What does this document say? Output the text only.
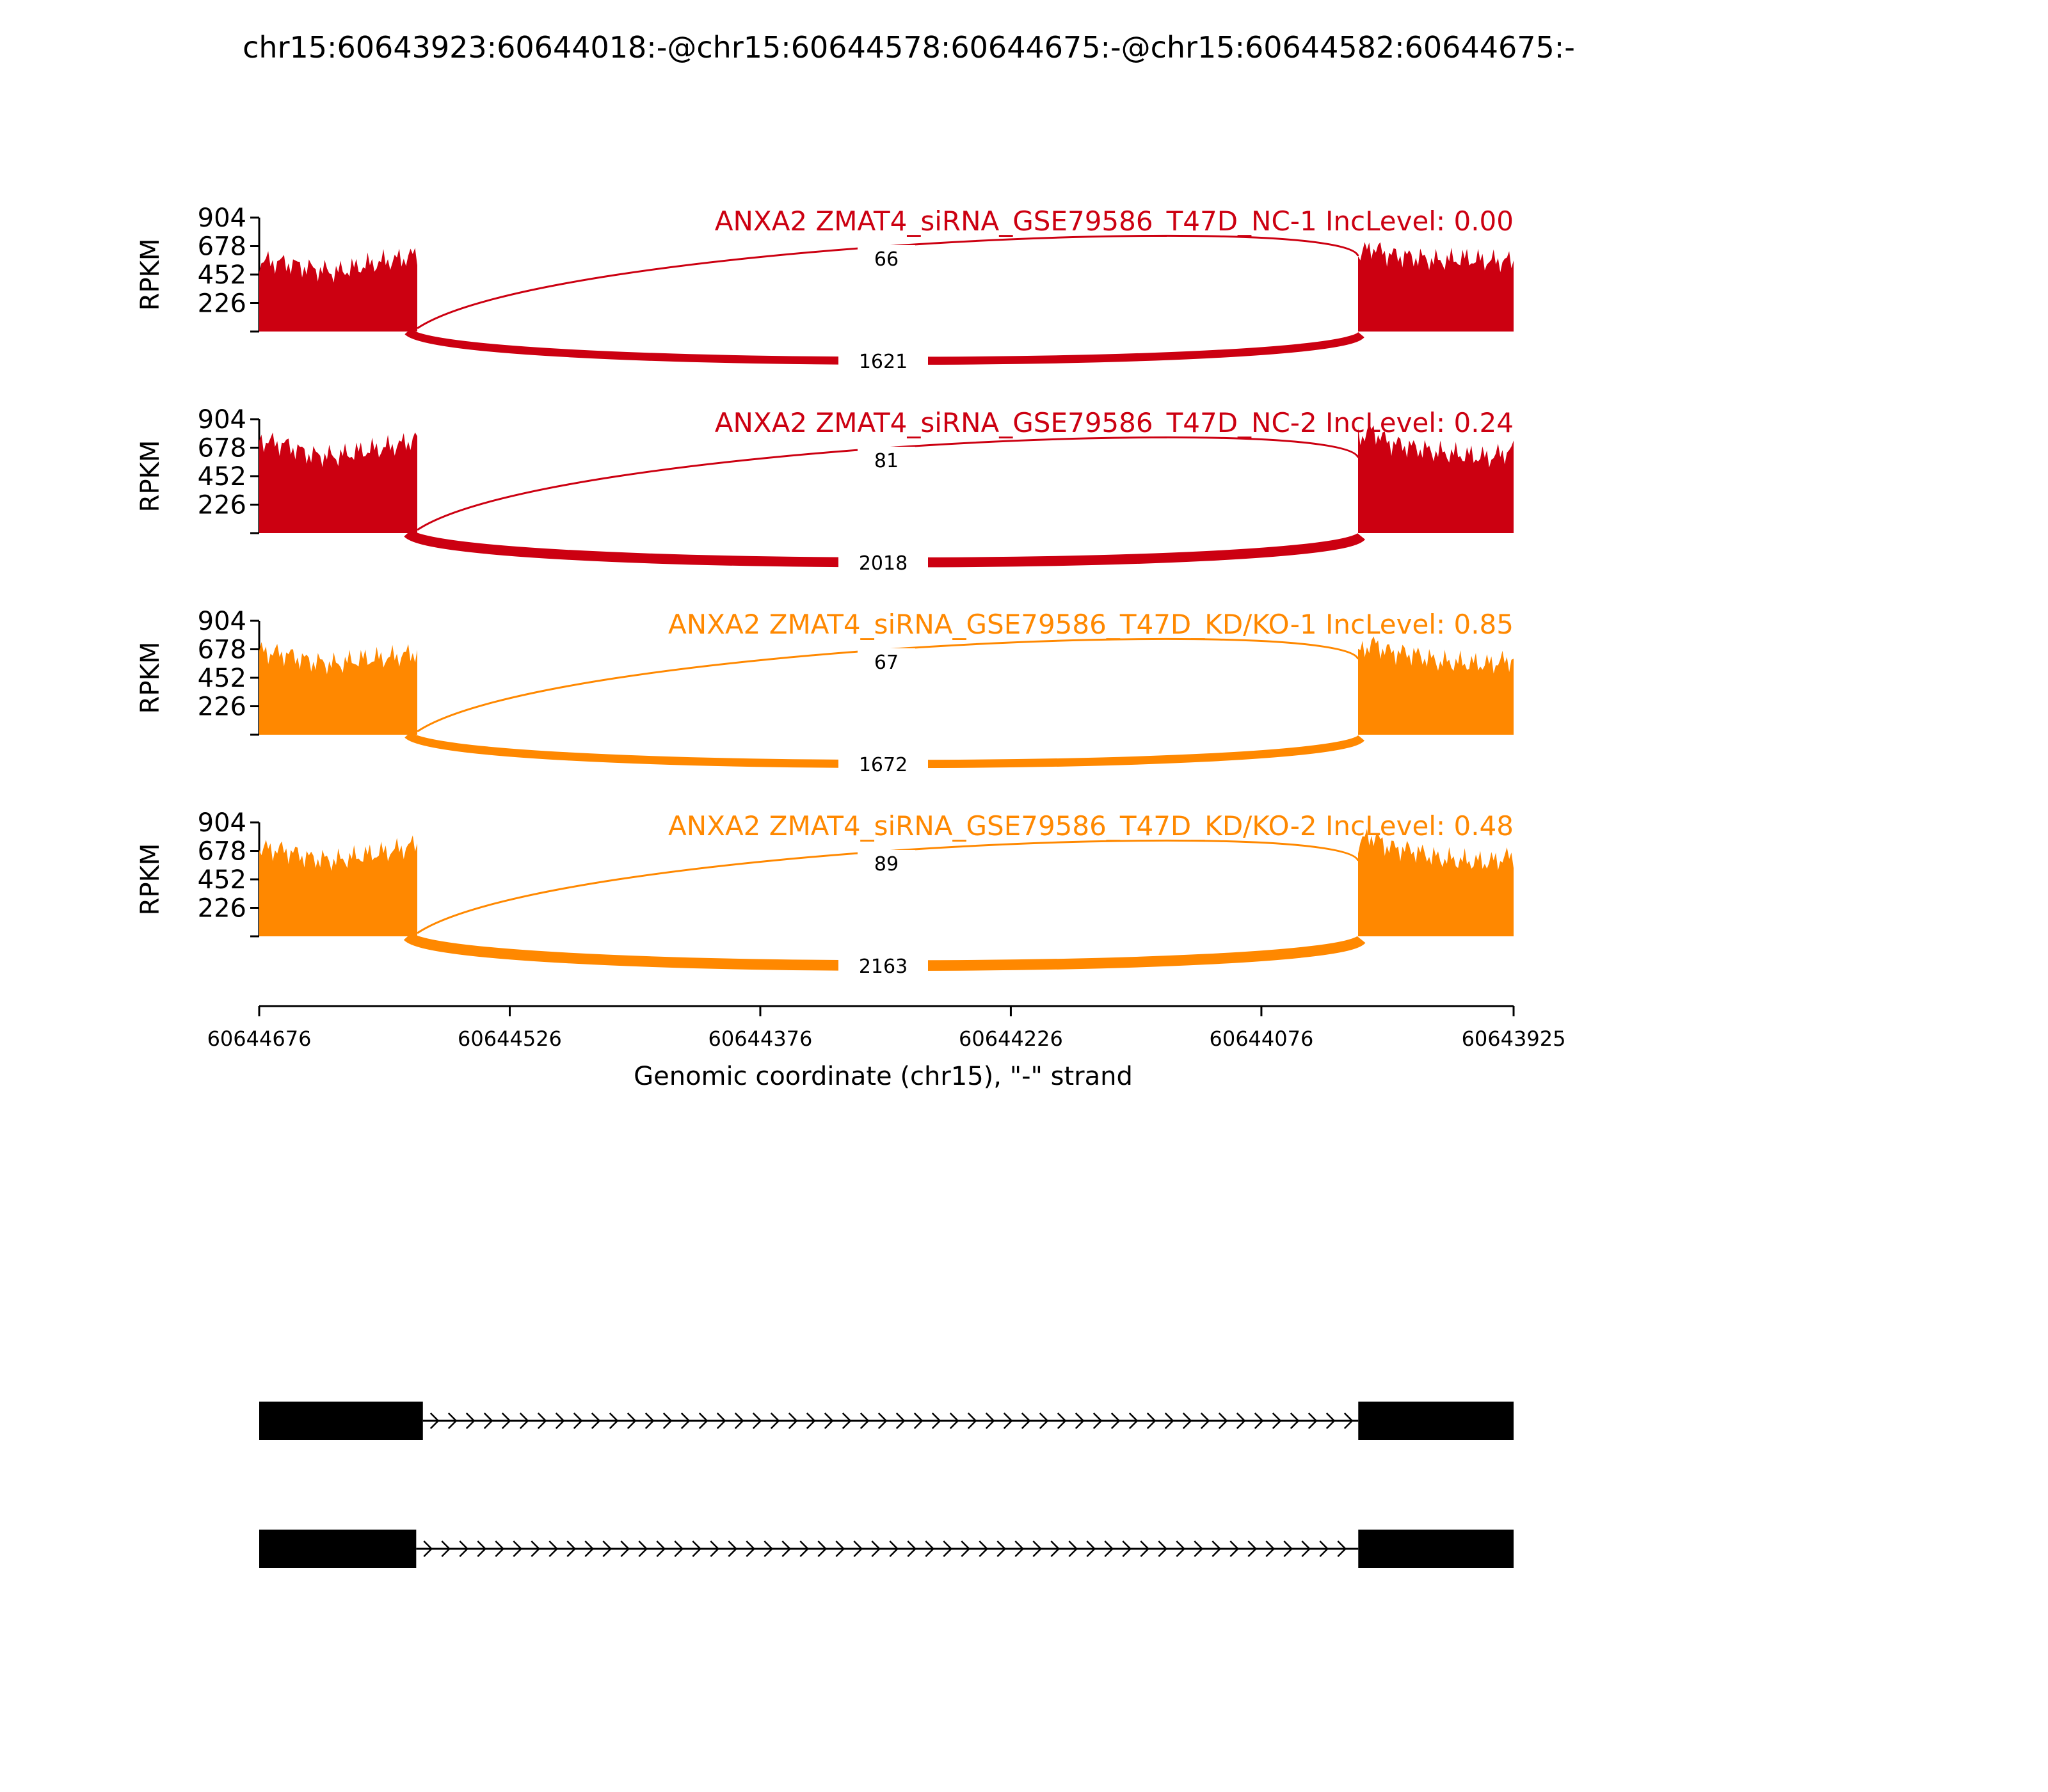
chr15:60643923:60644018:-@chr15:60644578:60644675:-@chr15:60644582:60644675:-
226
452
678
904
RPKM
ANXA2 ZMAT4_siRNA_GSE79586_T47D_NC-1 IncLevel: 0.00
66
1621
226
452
678
904
RPKM
ANXA2 ZMAT4_siRNA_GSE79586_T47D_NC-2 IncLevel: 0.24
81
2018
226
452
678
904
RPKM
ANXA2 ZMAT4_siRNA_GSE79586_T47D_KD/KO-1 IncLevel: 0.85
67
1672
226
452
678
904
RPKM
ANXA2 ZMAT4_siRNA_GSE79586_T47D_KD/KO-2 IncLevel: 0.48
89
2163
60644676	60644526	60644376	60644226	60644076	60643925
Genomic coordinate (chr15), "-" strand
